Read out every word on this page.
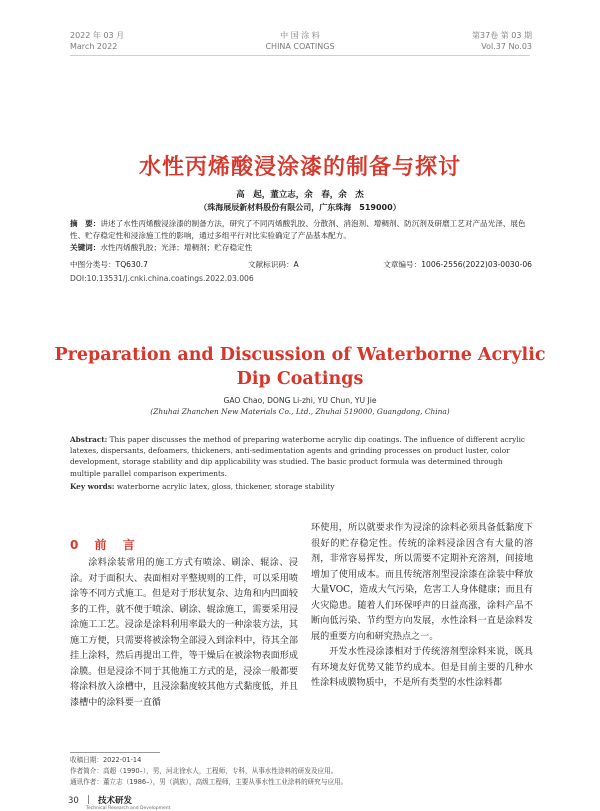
2022 年 03 月
March 2022
中 国 涂 料
CHINA COATINGS
第37卷 第 03 期
Vol.37 No.03
水性丙烯酸浸涂漆的制备与探讨
高　起，董立志，余　春，余　杰
（珠海展辰新材料股份有限公司，广东珠海　519000）
摘　要：讲述了水性丙烯酸浸涂漆的制备方法，研究了不同丙烯酸乳胶、分散剂、消泡剂、增稠剂、防沉剂及研磨工艺对产品光泽、展色性、贮存稳定性和浸涂施工性的影响，通过多组平行对比实验确定了产品基本配方。
关键词：水性丙烯酸乳胶；光泽；增稠剂；贮存稳定性
中图分类号：TQ630.7	文献标识码：A	文章编号：1006-2556(2022)03-0030-06
DOI:10.13531/j.cnki.china.coatings.2022.03.006
Preparation and Discussion of Waterborne Acrylic
Dip Coatings
GAO Chao, DONG Li-zhi, YU Chun, YU Jie
(Zhuhai Zhanchen New Materials Co., Ltd., Zhuhai 519000, Guangdong, China)
Abstract: This paper discusses the method of preparing waterborne acrylic dip coatings. The influence of different acrylic latexes, dispersants, defoamers, thickeners, anti-sedimentation agents and grinding processes on product luster, color development, storage stability and dip applicability was studied. The basic product formula was determined through multiple parallel comparison experiments.
Key words: waterborne acrylic latex, gloss, thickener, storage stability
0 前 言
涂料涂装常用的施工方式有喷涂、刷涂、辊涂、浸涂。对于面积大、表面相对平整规则的工件，可以采用喷涂等不同方式施工。但是对于形状复杂、边角和内凹面较多的工件，就不便于喷涂、刷涂、辊涂施工，需要采用浸涂施工工艺。浸涂是涂料利用率最大的一种涂装方法，其施工方便，只需要将被涂物全部浸入到涂料中，待其全部挂上涂料，然后再提出工件，等干燥后在被涂物表面形成涂膜。但是浸涂不同于其他施工方式的是，浸涂一般都要将涂料放入涂槽中，且浸涂黏度较其他方式黏度低，并且漆槽中的涂料要一直循

环使用，所以就要求作为浸涂的涂料必须具备低黏度下很好的贮存稳定性。传统的涂料浸涂因含有大量的溶剂，非常容易挥发，所以需要不定期补充溶剂，间接地增加了使用成本。而且传统溶剂型浸涂漆在涂装中释放大量VOC，造成大气污染，危害工人身体健康；而且有火灾隐患。随着人们环保呼声的日益高涨，涂料产品不断向低污染、节约型方向发展，水性涂料一直是涂料发展的重要方向和研究热点之一。

开发水性浸涂漆相对于传统溶剂型涂料来说，既具有环境友好优势又能节约成本。但是目前主要的几种水性涂料成膜物质中，不是所有类型的水性涂料都

收稿日期：2022-01-14
作者简介：高超（1990–），男，河北徐水人，工程师，专科，从事水性涂料的研发及应用。
通讯作者：董立志（1986–），男（满族），高级工程师，主要从事水性工业涂料的研究与应用。
30 技术研发
Technical Research and Development
